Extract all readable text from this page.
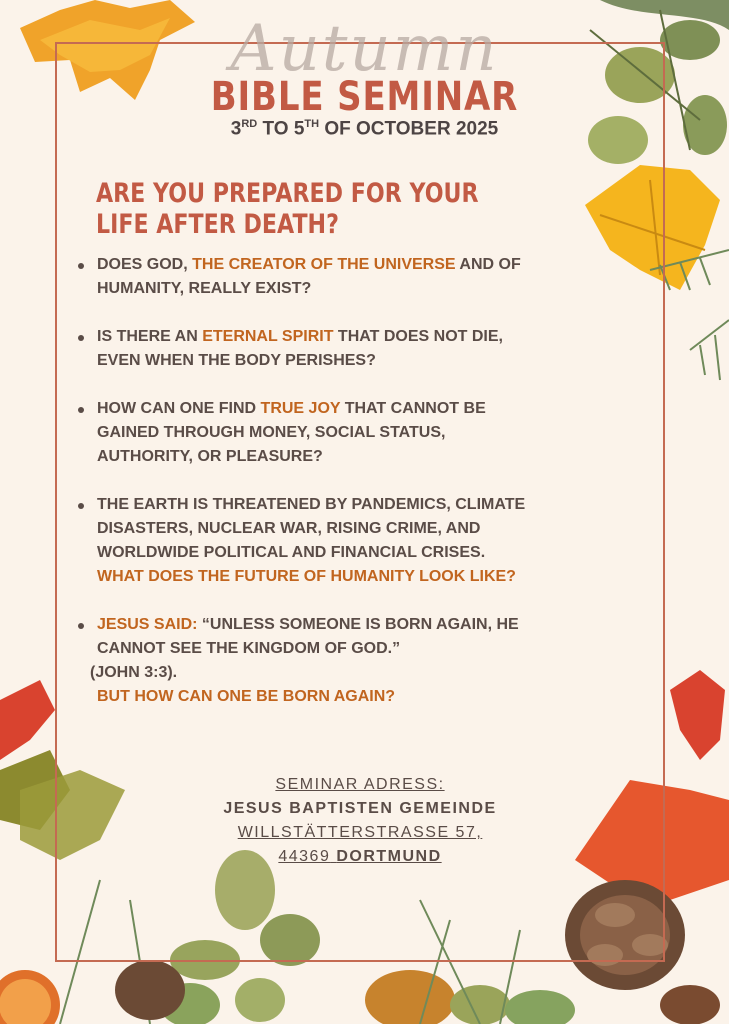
Autumn
BIBLE SEMINAR
3RD TO 5TH OF OCTOBER 2025
ARE YOU PREPARED FOR YOUR
LIFE AFTER DEATH?
DOES GOD, THE CREATOR OF THE UNIVERSE AND OF HUMANITY, REALLY EXIST?
IS THERE AN ETERNAL SPIRIT THAT DOES NOT DIE, EVEN WHEN THE BODY PERISHES?
HOW CAN ONE FIND TRUE JOY THAT CANNOT BE GAINED THROUGH MONEY, SOCIAL STATUS, AUTHORITY, OR PLEASURE?
THE EARTH IS THREATENED BY PANDEMICS, CLIMATE DISASTERS, NUCLEAR WAR, RISING CRIME, AND WORLDWIDE POLITICAL AND FINANCIAL CRISES. WHAT DOES THE FUTURE OF HUMANITY LOOK LIKE?
JESUS SAID: “UNLESS SOMEONE IS BORN AGAIN, HE CANNOT SEE THE KINGDOM OF GOD.”
(JOHN 3:3).
BUT HOW CAN ONE BE BORN AGAIN?
SEMINAR ADRESS:
JESUS BAPTISTEN GEMEINDE
WILLSTÄTTERSTRASSE 57,
44369 DORTMUND
